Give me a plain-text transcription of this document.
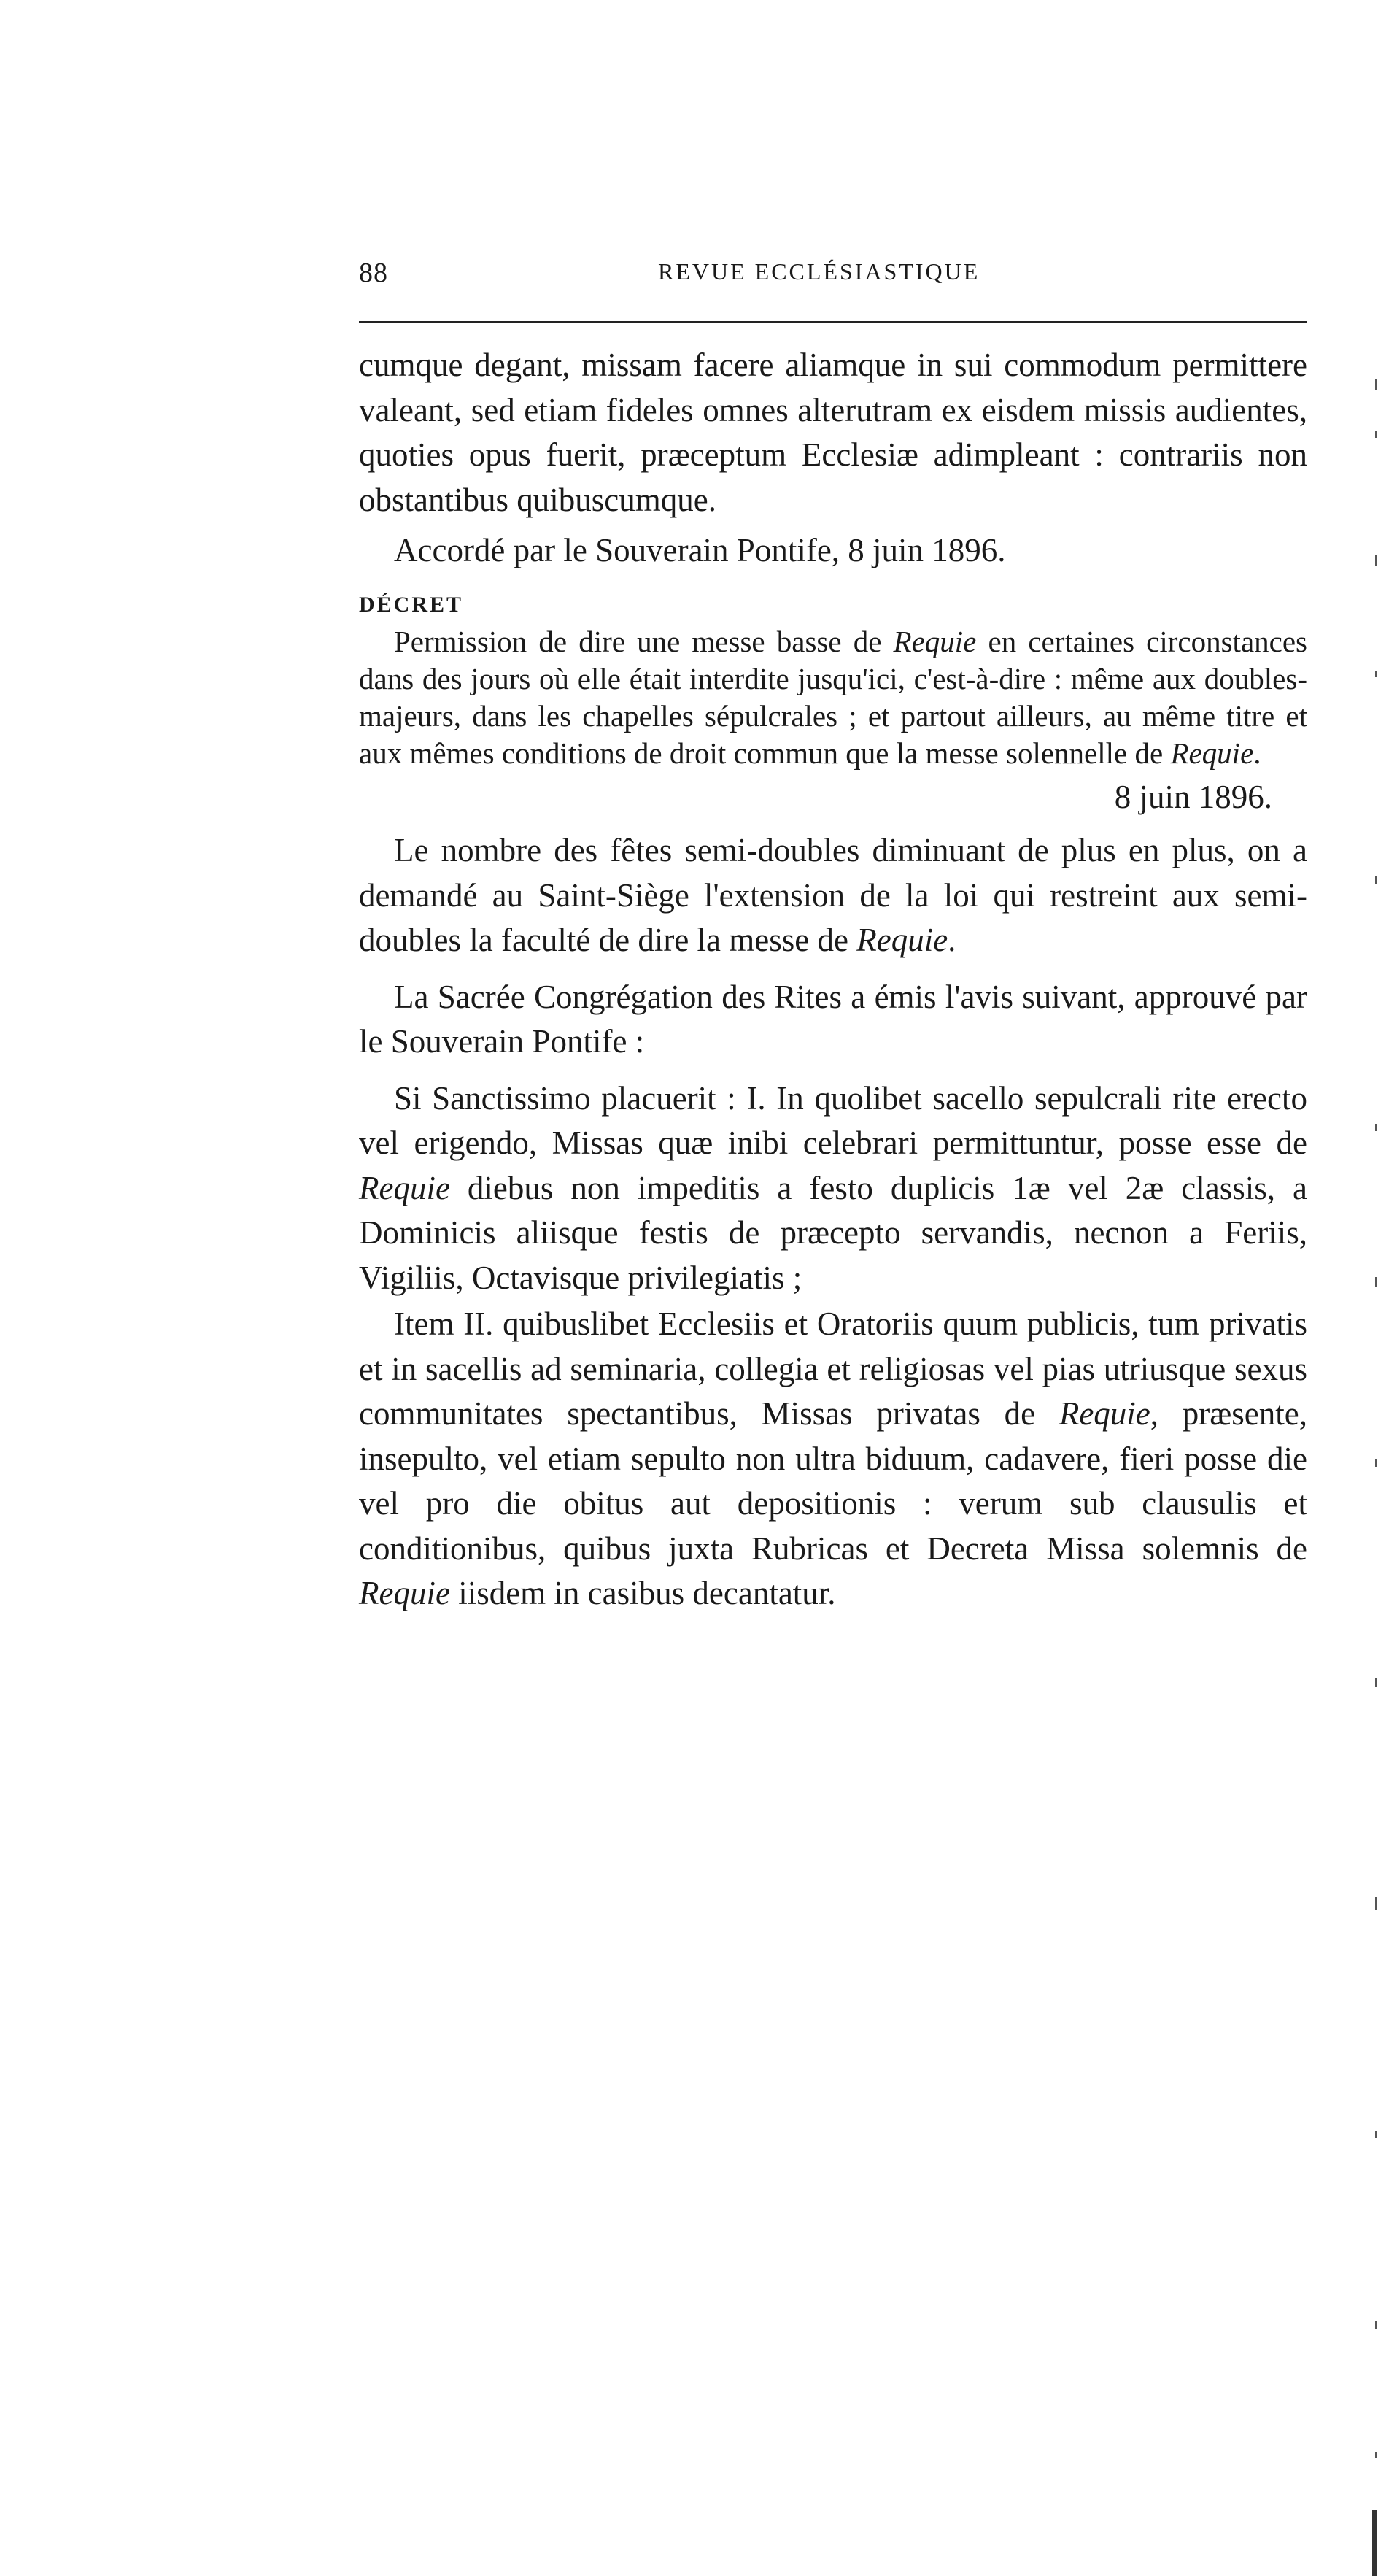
88	REVUE ECCLÉSIASTIQUE

cumque degant, missam facere aliamque in sui commodum permittere valeant, sed etiam fideles omnes alterutram ex eisdem missis audientes, quoties opus fuerit, præceptum Ecclesiæ adimpleant : contrariis non obstantibus quibuscumque.

Accordé par le Souverain Pontife, 8 juin 1896.

DÉCRET

Permission de dire une messe basse de Requie en certaines circonstances dans des jours où elle était interdite jusqu'ici, c'est-à-dire : même aux doubles-majeurs, dans les chapelles sépulcrales ; et partout ailleurs, au même titre et aux mêmes conditions de droit commun que la messe solennelle de Requie.

8 juin 1896.

Le nombre des fêtes semi-doubles diminuant de plus en plus, on a demandé au Saint-Siège l'extension de la loi qui restreint aux semi-doubles la faculté de dire la messe de Requie.

La Sacrée Congrégation des Rites a émis l'avis suivant, approuvé par le Souverain Pontife :

Si Sanctissimo placuerit : I. In quolibet sacello sepulcrali rite erecto vel erigendo, Missas quæ inibi celebrari permittuntur, posse esse de Requie diebus non impeditis a festo duplicis 1æ vel 2æ classis, a Dominicis aliisque festis de præcepto servandis, necnon a Feriis, Vigiliis, Octavisque privilegiatis ;

Item II. quibuslibet Ecclesiis et Oratoriis quum publicis, tum privatis et in sacellis ad seminaria, collegia et religiosas vel pias utriusque sexus communitates spectantibus, Missas privatas de Requie, præsente, insepulto, vel etiam sepulto non ultra biduum, cadavere, fieri posse die vel pro die obitus aut depositionis : verum sub clausulis et conditionibus, quibus juxta Rubricas et Decreta Missa solemnis de Requie iisdem in casibus decantatur.
